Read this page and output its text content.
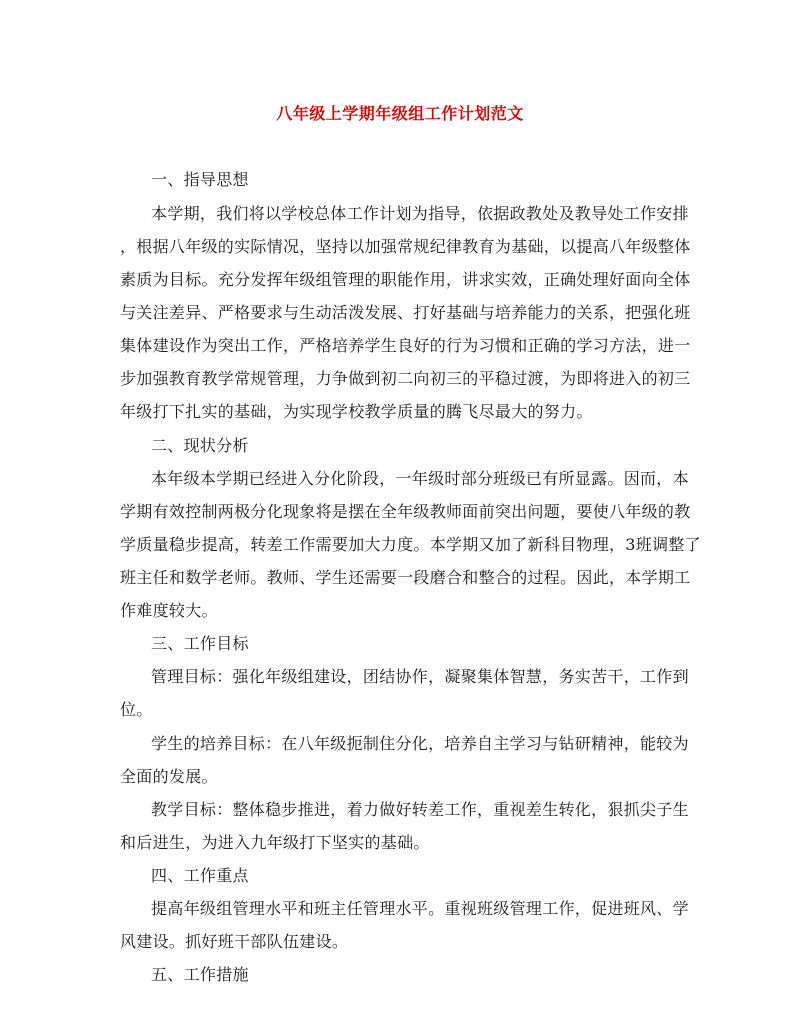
八年级上学期年级组工作计划范文

一、指导思想

本学期，我们将以学校总体工作计划为指导，依据政教处及教导处工作安排

，根据八年级的实际情况，坚持以加强常规纪律教育为基础，以提高八年级整体

素质为目标。充分发挥年级组管理的职能作用，讲求实效，正确处理好面向全体

与关注差异、严格要求与生动活泼发展、打好基础与培养能力的关系，把强化班

集体建设作为突出工作，严格培养学生良好的行为习惯和正确的学习方法，进一

步加强教育教学常规管理，力争做到初二向初三的平稳过渡，为即将进入的初三

年级打下扎实的基础，为实现学校教学质量的腾飞尽最大的努力。

二、现状分析

本年级本学期已经进入分化阶段，一年级时部分班级已有所显露。因而，本

学期有效控制两极分化现象将是摆在全年级教师面前突出问题，要使八年级的教

学质量稳步提高，转差工作需要加大力度。本学期又加了新科目物理，3班调整了

班主任和数学老师。教师、学生还需要一段磨合和整合的过程。因此，本学期工

作难度较大。

三、工作目标

管理目标：强化年级组建设，团结协作，凝聚集体智慧，务实苦干，工作到

位。

学生的培养目标：在八年级扼制住分化，培养自主学习与钻研精神，能较为

全面的发展。

教学目标：整体稳步推进，着力做好转差工作，重视差生转化，狠抓尖子生

和后进生，为进入九年级打下坚实的基础。

四、工作重点

提高年级组管理水平和班主任管理水平。重视班级管理工作，促进班风、学

风建设。抓好班干部队伍建设。

五、工作措施
